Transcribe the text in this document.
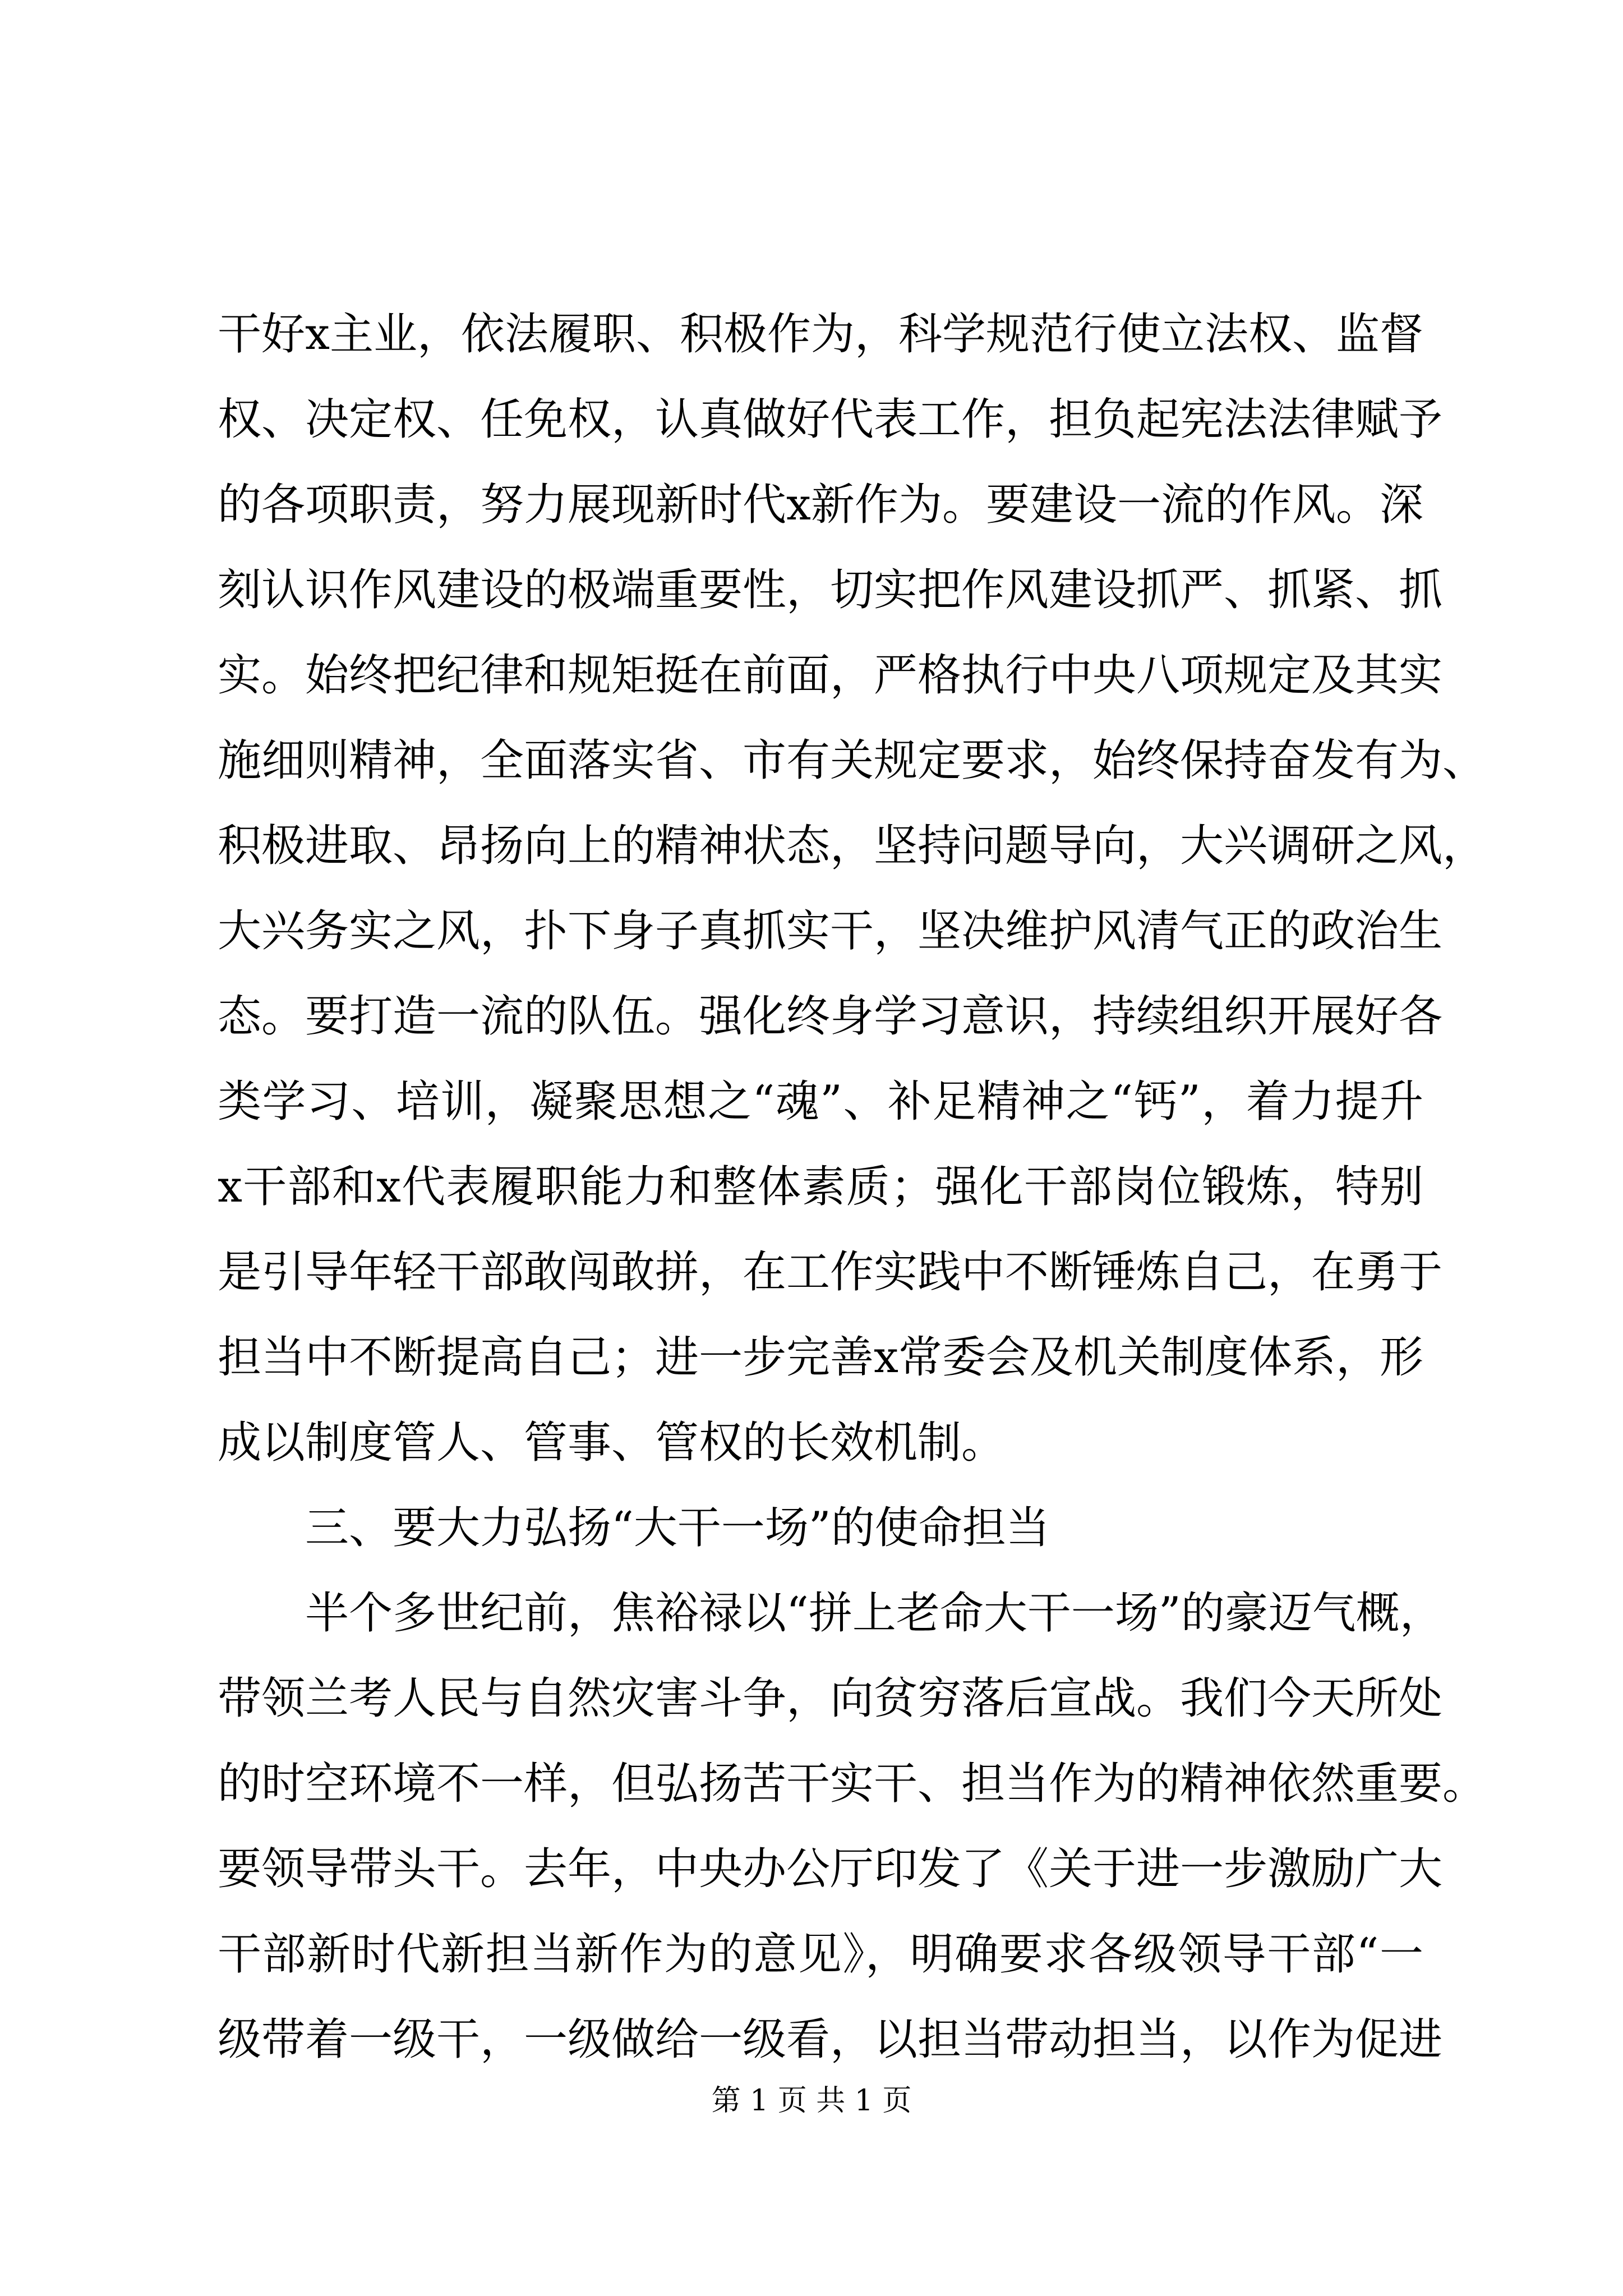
干好x主业，依法履职、积极作为，科学规范行使立法权、监督
权、决定权、任免权，认真做好代表工作，担负起宪法法律赋予
的各项职责，努力展现新时代x新作为。要建设一流的作风。深
刻认识作风建设的极端重要性，切实把作风建设抓严、抓紧、抓
实。始终把纪律和规矩挺在前面，严格执行中央八项规定及其实
施细则精神，全面落实省、市有关规定要求，始终保持奋发有为、
积极进取、昂扬向上的精神状态，坚持问题导向，大兴调研之风，
大兴务实之风，扑下身子真抓实干，坚决维护风清气正的政治生
态。要打造一流的队伍。强化终身学习意识，持续组织开展好各
类学习、培训，凝聚思想之“魂”、补足精神之“钙”，着力提升
x干部和x代表履职能力和整体素质；强化干部岗位锻炼，特别
是引导年轻干部敢闯敢拼，在工作实践中不断锤炼自己，在勇于
担当中不断提高自己；进一步完善x常委会及机关制度体系，形
成以制度管人、管事、管权的长效机制。
三、要大力弘扬“大干一场”的使命担当
半个多世纪前，焦裕禄以“拼上老命大干一场”的豪迈气概，
带领兰考人民与自然灾害斗争，向贫穷落后宣战。我们今天所处
的时空环境不一样，但弘扬苦干实干、担当作为的精神依然重要。
要领导带头干。去年，中央办公厅印发了《关于进一步激励广大
干部新时代新担当新作为的意见》，明确要求各级领导干部“一
级带着一级干，一级做给一级看，以担当带动担当，以作为促进
第 1 页 共 1 页
